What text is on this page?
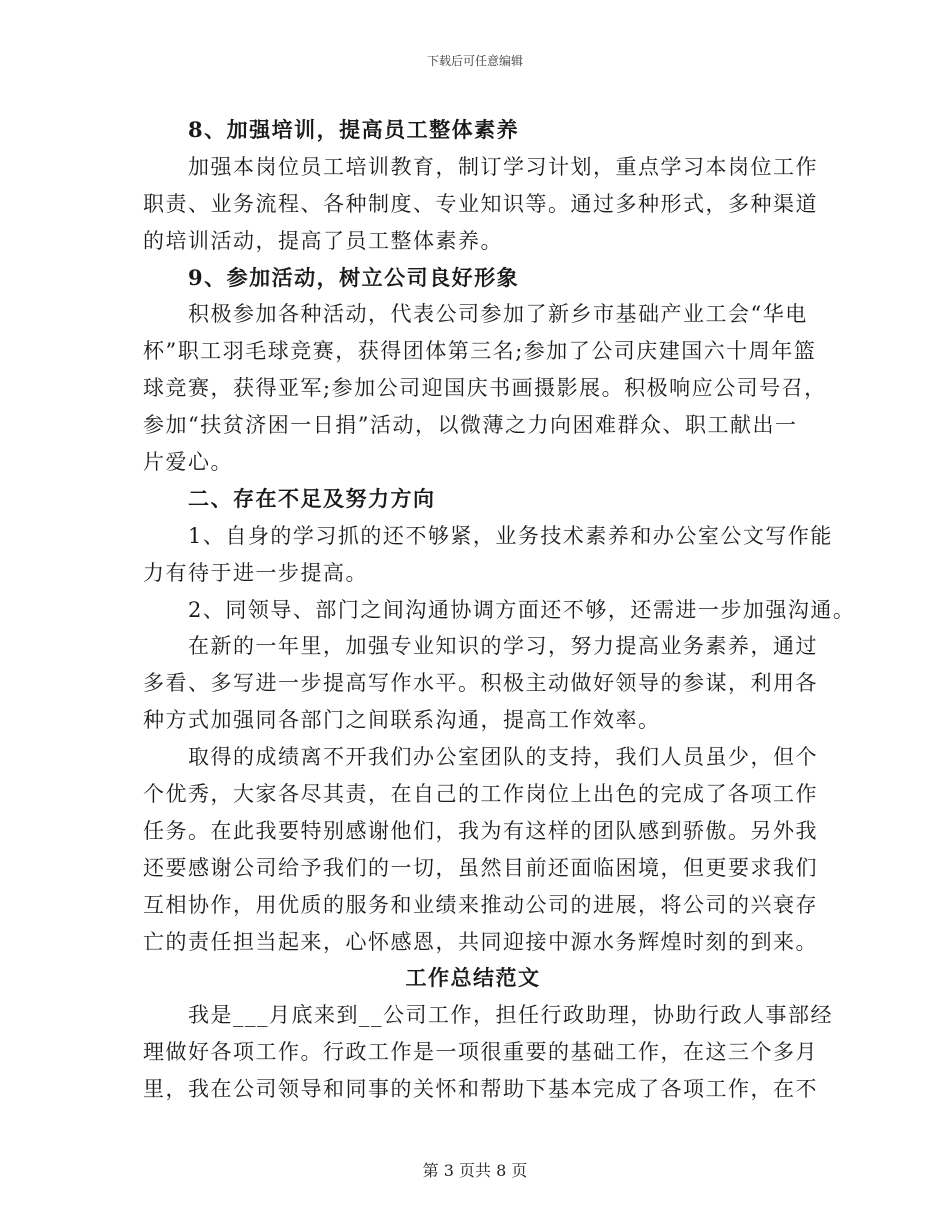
下载后可任意编辑
8、加强培训，提高员工整体素养
加强本岗位员工培训教育，制订学习计划，重点学习本岗位工作
职责、业务流程、各种制度、专业知识等。通过多种形式，多种渠道
的培训活动，提高了员工整体素养。
9、参加活动，树立公司良好形象
积极参加各种活动，代表公司参加了新乡市基础产业工会“华电
杯”职工羽毛球竞赛，获得团体第三名;参加了公司庆建国六十周年篮
球竞赛，获得亚军;参加公司迎国庆书画摄影展。积极响应公司号召，
参加“扶贫济困一日捐”活动，以微薄之力向困难群众、职工献出一
片爱心。
二、存在不足及努力方向
1、自身的学习抓的还不够紧，业务技术素养和办公室公文写作能
力有待于进一步提高。
2、同领导、部门之间沟通协调方面还不够，还需进一步加强沟通。
在新的一年里，加强专业知识的学习，努力提高业务素养，通过
多看、多写进一步提高写作水平。积极主动做好领导的参谋，利用各
种方式加强同各部门之间联系沟通，提高工作效率。
取得的成绩离不开我们办公室团队的支持，我们人员虽少，但个
个优秀，大家各尽其责，在自己的工作岗位上出色的完成了各项工作
任务。在此我要特别感谢他们，我为有这样的团队感到骄傲。另外我
还要感谢公司给予我们的一切，虽然目前还面临困境，但更要求我们
互相协作，用优质的服务和业绩来推动公司的进展，将公司的兴衰存
亡的责任担当起来，心怀感恩，共同迎接中源水务辉煌时刻的到来。
工作总结范文
我是___月底来到__公司工作，担任行政助理，协助行政人事部经
理做好各项工作。行政工作是一项很重要的基础工作，在这三个多月
里，我在公司领导和同事的关怀和帮助下基本完成了各项工作，在不
第 3 页共 8 页
